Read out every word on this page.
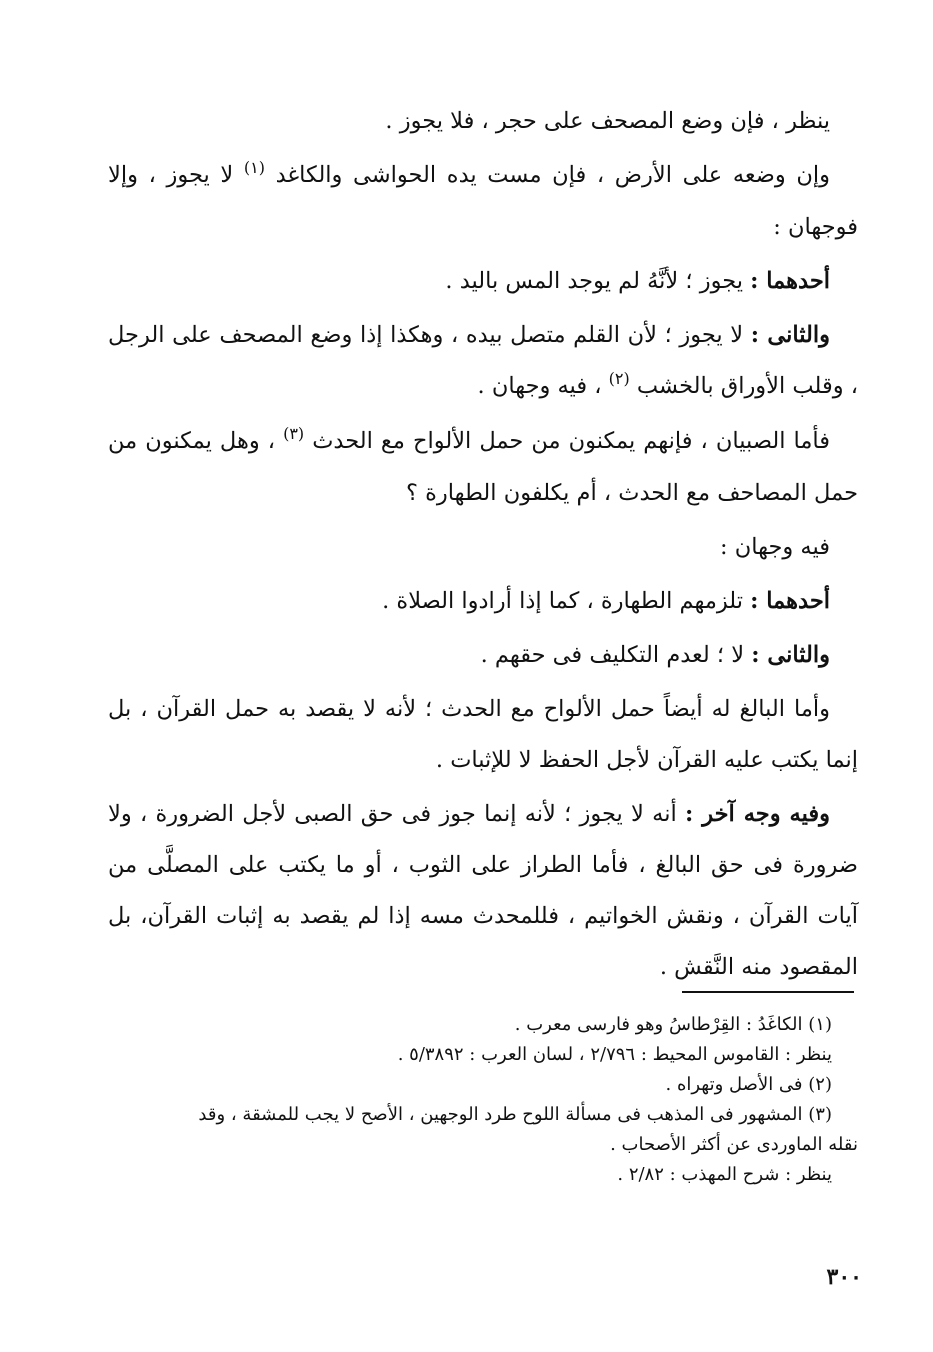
ينظر ، فإن وضع المصحف على حجر ، فلا يجوز .

وإن وضعه على الأرض ، فإن مست يده الحواشى والكاغد $^{(١)}$ لا يجوز ، وإلا فوجهان :

أحدهما : يجوز ؛ لأنَّهُ لم يوجد المس باليد .

والثانى : لا يجوز ؛ لأن القلم متصل بيده ، وهكذا إذا وضع المصحف على الرجل ، وقلب الأوراق بالخشب $^{(٢)}$ ، فيه وجهان .

فأما الصبيان ، فإنهم يمكنون من حمل الألواح مع الحدث $^{(٣)}$ ، وهل يمكنون من حمل المصاحف مع الحدث ، أم يكلفون الطهارة ؟

فيه وجهان :

أحدهما : تلزمهم الطهارة ، كما إذا أرادوا الصلاة .

والثانى : لا ؛ لعدم التكليف فى حقهم .

وأما البالغ له أيضاً حمل الألواح مع الحدث ؛ لأنه لا يقصد به حمل القرآن ، بل إنما يكتب عليه القرآن لأجل الحفظ لا للإثبات .

وفيه وجه آخر : أنه لا يجوز ؛ لأنه إنما جوز فى حق الصبى لأجل الضرورة ، ولا ضرورة فى حق البالغ ، فأما الطراز على الثوب ، أو ما يكتب على المصلَّى من آيات القرآن ، ونقش الخواتيم ، فللمحدث مسه إذا لم يقصد به إثبات القرآن، بل المقصود منه النَّقش .

(١) الكاغَدُ : القِرْطاسُ وهو فارسى معرب .

ينظر : القاموس المحيط : ٢/٧٩٦ ، لسان العرب : ٥/٣٨٩٢ .

(٢) فى الأصل وتهراه .

(٣) المشهور فى المذهب فى مسألة اللوح طرد الوجهين ، الأصح لا يجب للمشقة ، وقد

نقله الماوردى عن أكثر الأصحاب .

ينظر : شرح المهذب : ٢/٨٢ .

٣٠٠
